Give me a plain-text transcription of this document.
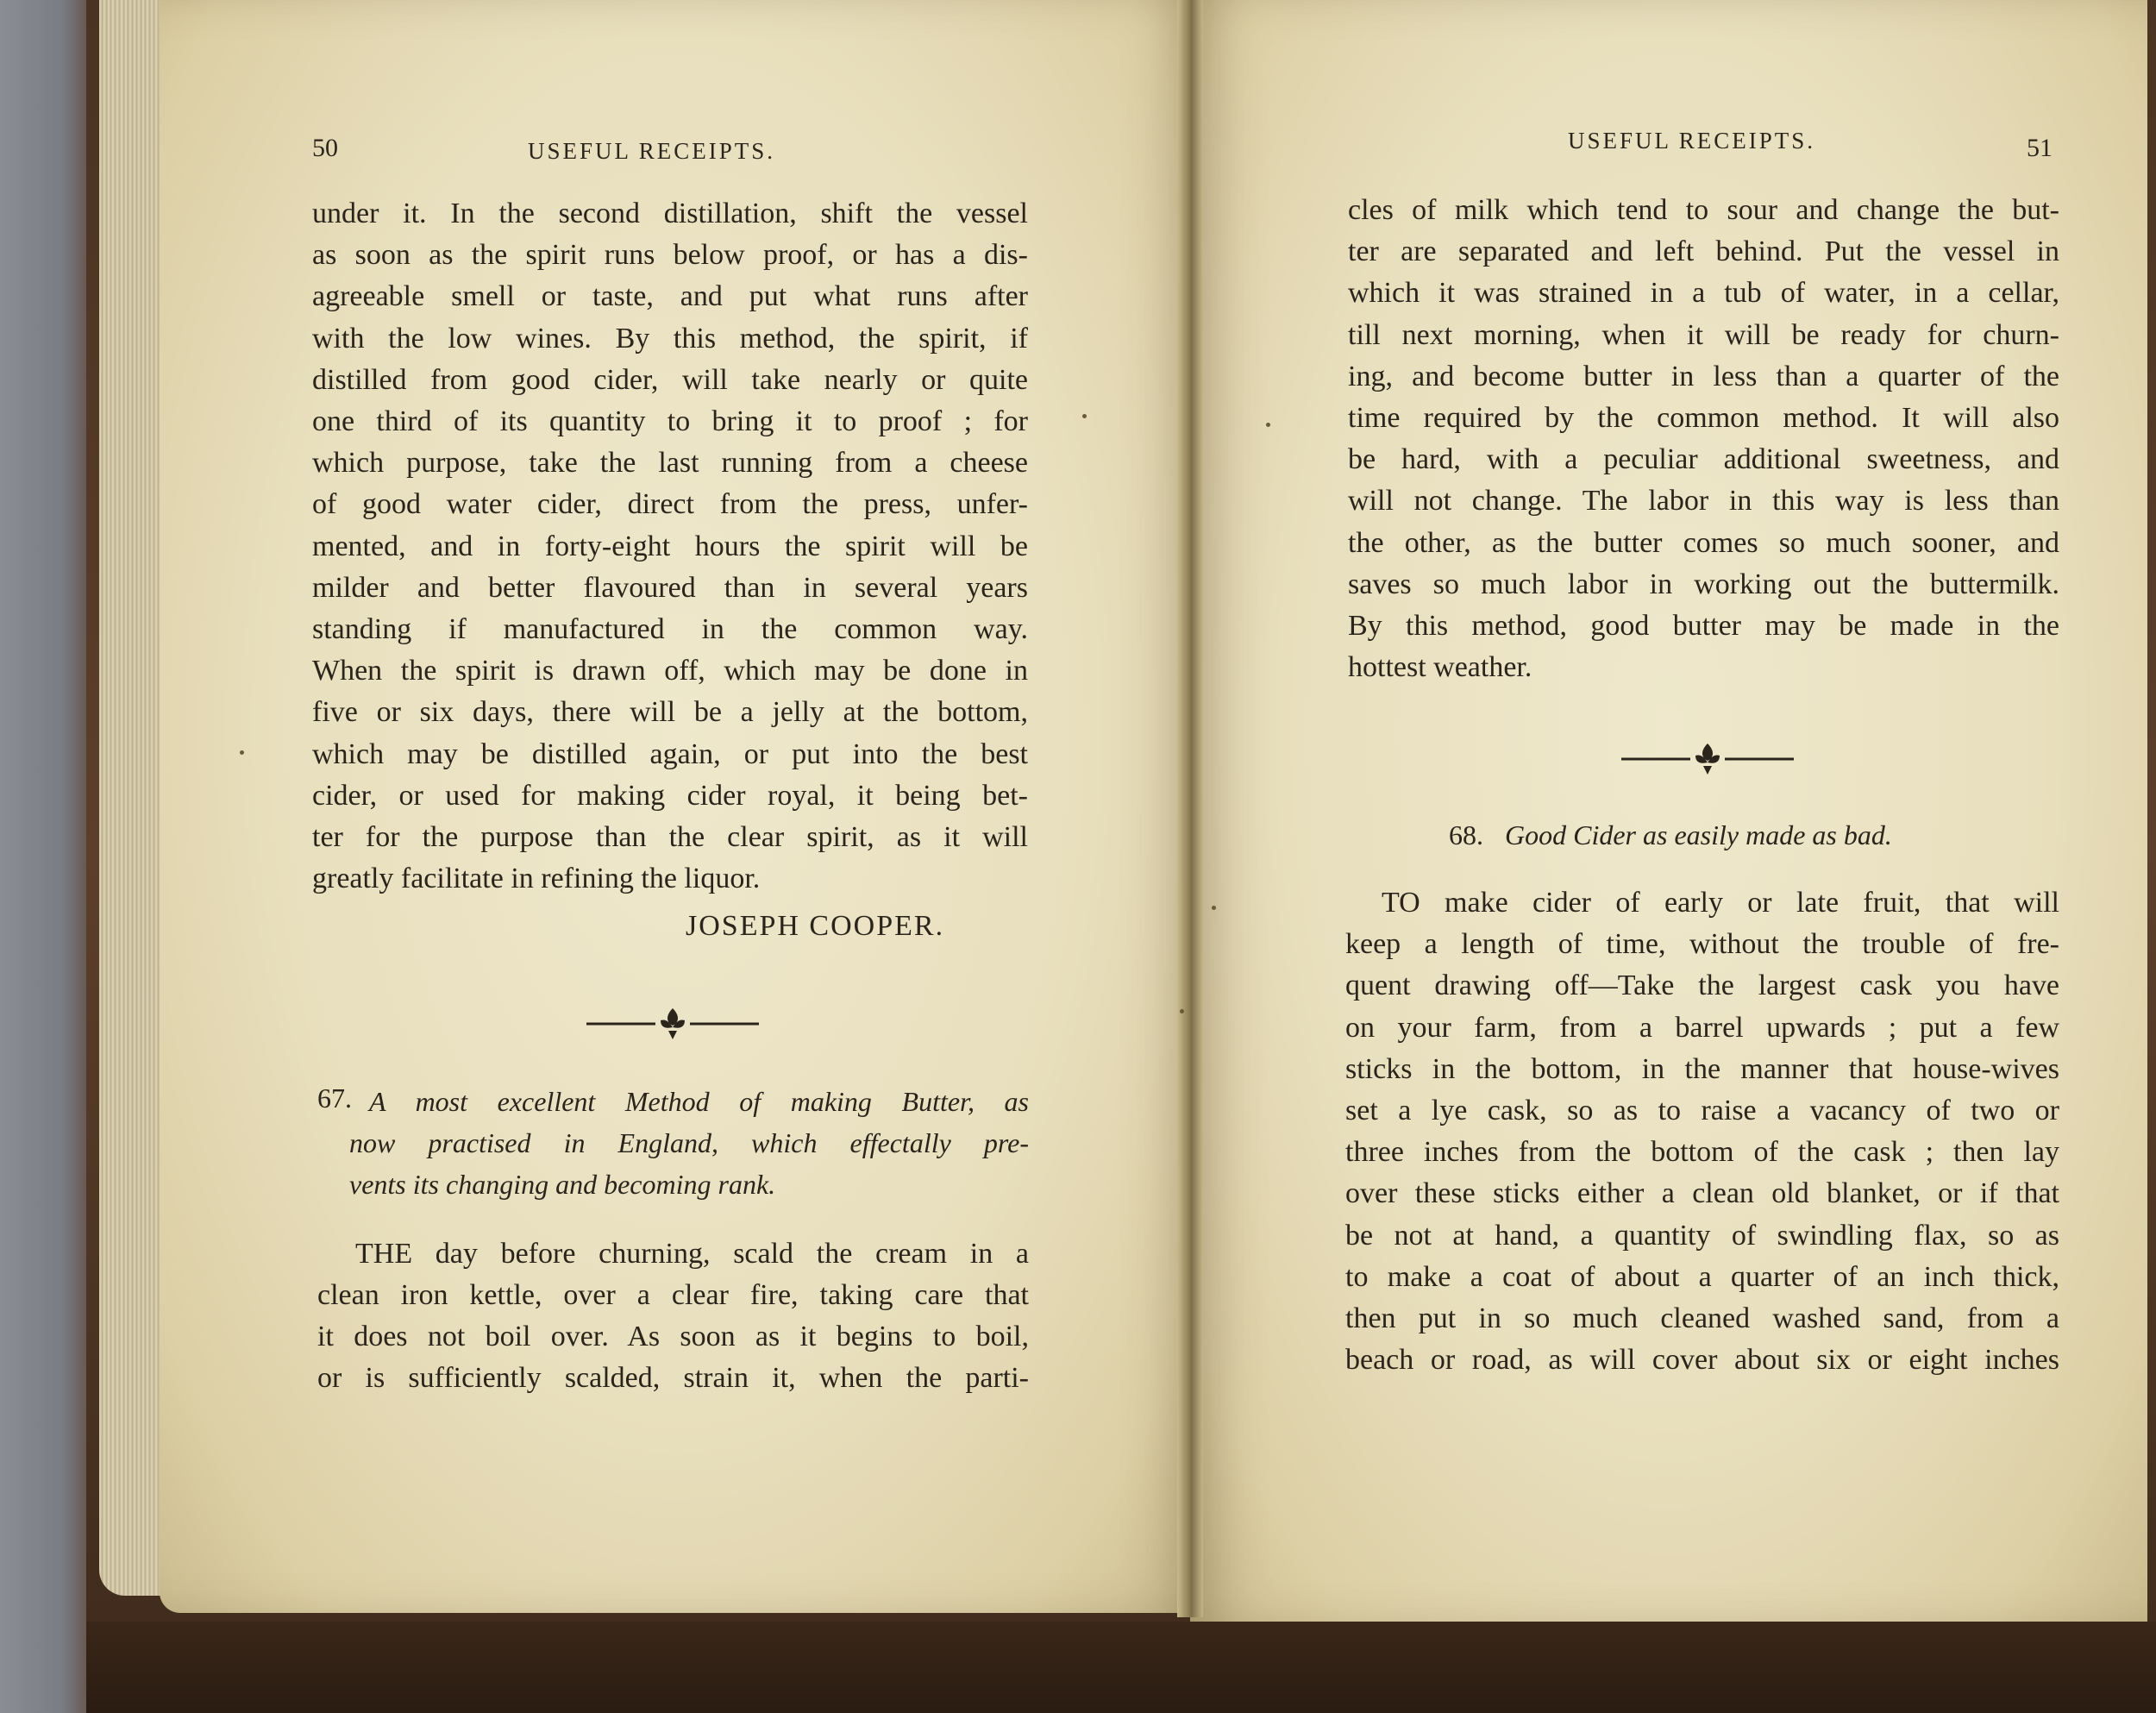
50	USEFUL RECEIPTS.
under it. In the second distillation, shift the vessel
as soon as the spirit runs below proof, or has a dis-
agreeable smell or taste, and put what runs after
with the low wines. By this method, the spirit, if
distilled from good cider, will take nearly or quite
one third of its quantity to bring it to proof ; for
which purpose, take the last running from a cheese
of good water cider, direct from the press, unfer-
mented, and in forty-eight hours the spirit will be
milder and better flavoured than in several years
standing if manufactured in the common way.
When the spirit is drawn off, which may be done in
five or six days, there will be a jelly at the bottom,
which may be distilled again, or put into the best
cider, or used for making cider royal, it being bet-
ter for the purpose than the clear spirit, as it will
greatly facilitate in refining the liquor.
JOSEPH COOPER.
67. A most excellent Method of making Butter, as
now practised in England, which effectally pre-
vents its changing and becoming rank.
THE day before churning, scald the cream in a
clean iron kettle, over a clear fire, taking care that
it does not boil over. As soon as it begins to boil,
or is sufficiently scalded, strain it, when the parti-
USEFUL RECEIPTS.	51
cles of milk which tend to sour and change the but-
ter are separated and left behind. Put the vessel in
which it was strained in a tub of water, in a cellar,
till next morning, when it will be ready for churn-
ing, and become butter in less than a quarter of the
time required by the common method. It will also
be hard, with a peculiar additional sweetness, and
will not change. The labor in this way is less than
the other, as the butter comes so much sooner, and
saves so much labor in working out the buttermilk.
By this method, good butter may be made in the
hottest weather.
68. Good Cider as easily made as bad.
TO make cider of early or late fruit, that will
keep a length of time, without the trouble of fre-
quent drawing off—Take the largest cask you have
on your farm, from a barrel upwards ; put a few
sticks in the bottom, in the manner that house-wives
set a lye cask, so as to raise a vacancy of two or
three inches from the bottom of the cask ; then lay
over these sticks either a clean old blanket, or if that
be not at hand, a quantity of swindling flax, so as
to make a coat of about a quarter of an inch thick,
then put in so much cleaned washed sand, from a
beach or road, as will cover about six or eight inches
